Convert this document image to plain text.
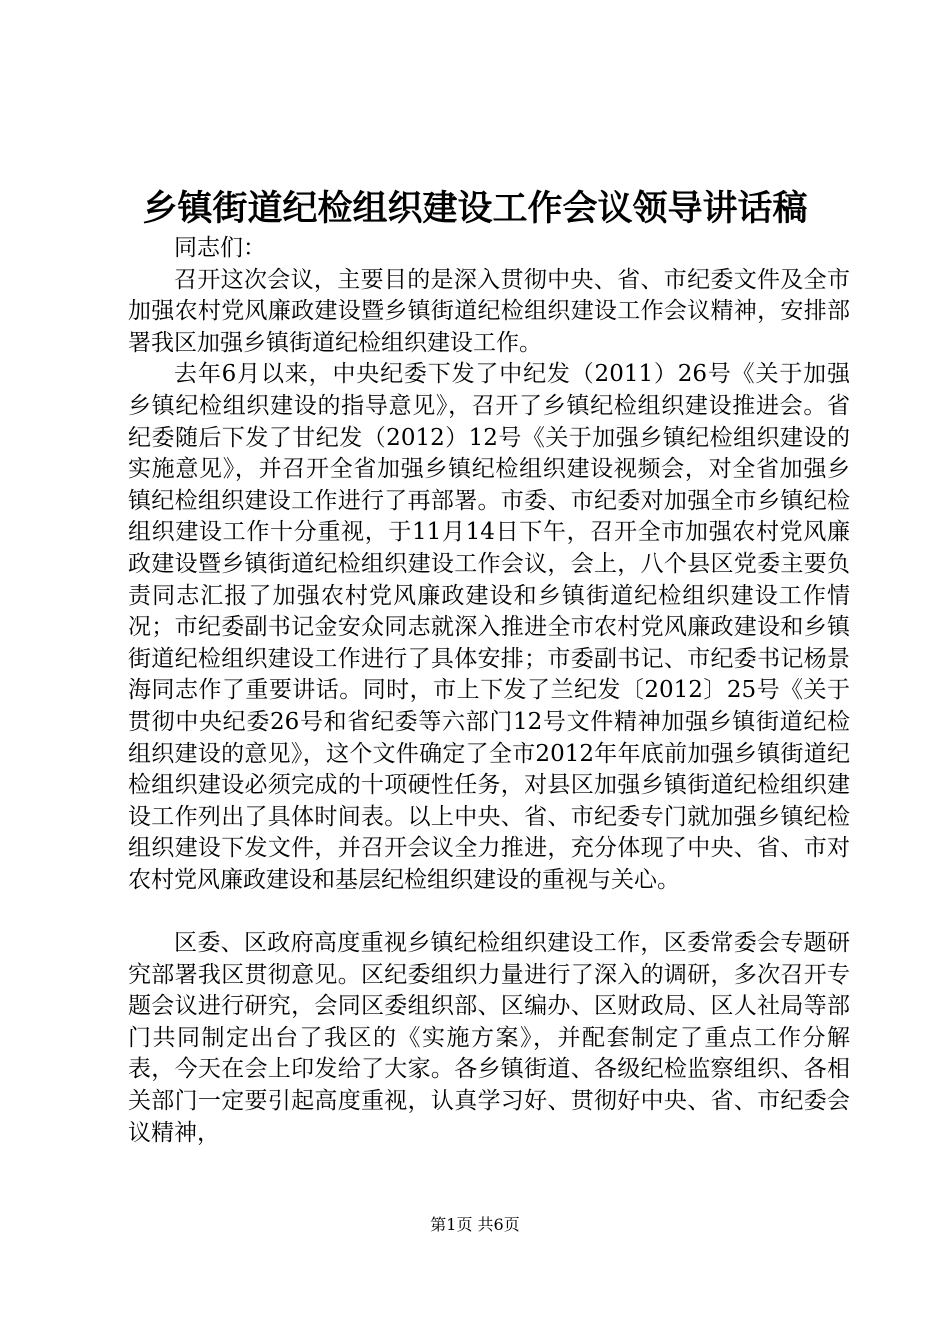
乡镇街道纪检组织建设工作会议领导讲话稿

同志们：

召开这次会议，主要目的是深入贯彻中央、省、市纪委文件及全市加强农村党风廉政建设暨乡镇街道纪检组织建设工作会议精神，安排部署我区加强乡镇街道纪检组织建设工作。

去年6月以来，中央纪委下发了中纪发（2011）26号《关于加强乡镇纪检组织建设的指导意见》，召开了乡镇纪检组织建设推进会。省纪委随后下发了甘纪发（2012）12号《关于加强乡镇纪检组织建设的实施意见》，并召开全省加强乡镇纪检组织建设视频会，对全省加强乡镇纪检组织建设工作进行了再部署。市委、市纪委对加强全市乡镇纪检组织建设工作十分重视，于11月14日下午，召开全市加强农村党风廉政建设暨乡镇街道纪检组织建设工作会议，会上，八个县区党委主要负责同志汇报了加强农村党风廉政建设和乡镇街道纪检组织建设工作情况；市纪委副书记金安众同志就深入推进全市农村党风廉政建设和乡镇街道纪检组织建设工作进行了具体安排；市委副书记、市纪委书记杨景海同志作了重要讲话。同时，市上下发了兰纪发〔2012〕25号《关于贯彻中央纪委26号和省纪委等六部门12号文件精神加强乡镇街道纪检组织建设的意见》，这个文件确定了全市2012年年底前加强乡镇街道纪检组织建设必须完成的十项硬性任务，对县区加强乡镇街道纪检组织建设工作列出了具体时间表。以上中央、省、市纪委专门就加强乡镇纪检组织建设下发文件，并召开会议全力推进，充分体现了中央、省、市对农村党风廉政建设和基层纪检组织建设的重视与关心。

区委、区政府高度重视乡镇纪检组织建设工作，区委常委会专题研究部署我区贯彻意见。区纪委组织力量进行了深入的调研，多次召开专题会议进行研究，会同区委组织部、区编办、区财政局、区人社局等部门共同制定出台了我区的《实施方案》，并配套制定了重点工作分解表，今天在会上印发给了大家。各乡镇街道、各级纪检监察组织、各相关部门一定要引起高度重视，认真学习好、贯彻好中央、省、市纪委会议精神，

第1页 共6页
